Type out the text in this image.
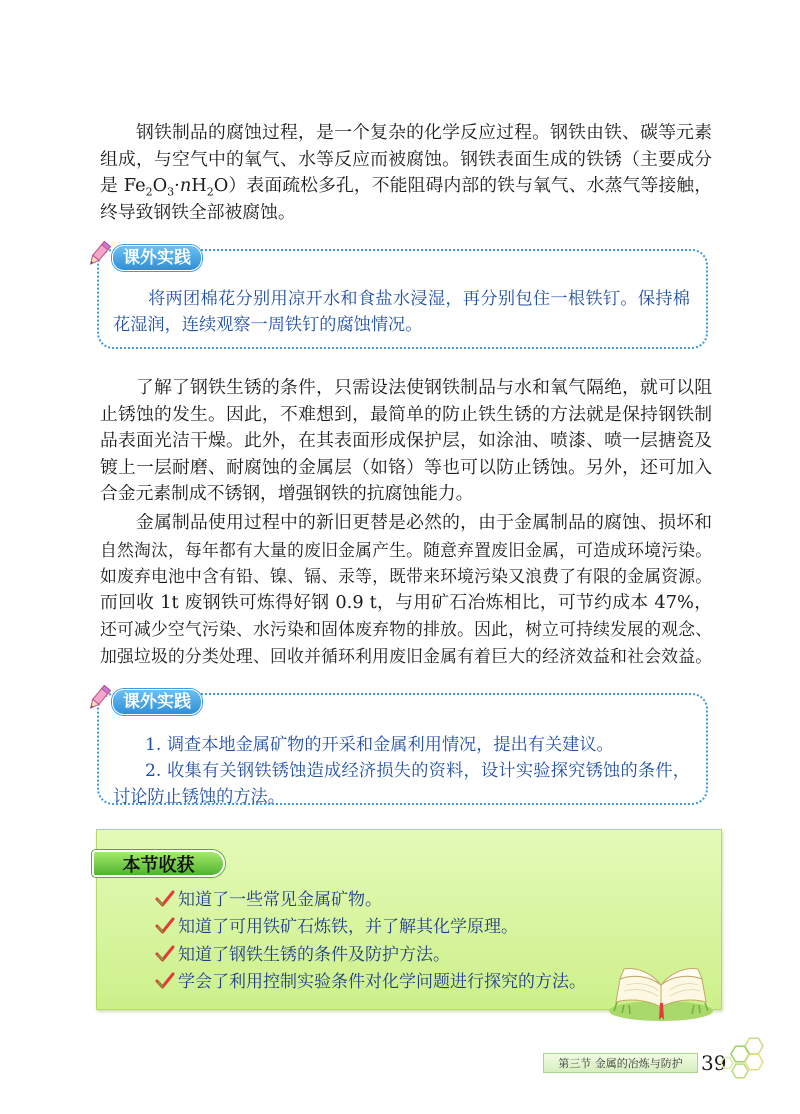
钢铁制品的腐蚀过程，是一个复杂的化学反应过程。钢铁由铁、碳等元素
组成，与空气中的氧气、水等反应而被腐蚀。钢铁表面生成的铁锈（主要成分
是 $Fe_2O_3\cdot nH_2O$）表面疏松多孔，不能阻碍内部的铁与氧气、水蒸气等接触，
终导致钢铁全部被腐蚀。
课外实践
将两团棉花分别用凉开水和食盐水浸湿，再分别包住一根铁钉。保持棉
花湿润，连续观察一周铁钉的腐蚀情况。
了解了钢铁生锈的条件，只需设法使钢铁制品与水和氧气隔绝，就可以阻
止锈蚀的发生。因此，不难想到，最简单的防止铁生锈的方法就是保持钢铁制
品表面光洁干燥。此外，在其表面形成保护层，如涂油、喷漆、喷一层搪瓷及
镀上一层耐磨、耐腐蚀的金属层（如铬）等也可以防止锈蚀。另外，还可加入
合金元素制成不锈钢，增强钢铁的抗腐蚀能力。
金属制品使用过程中的新旧更替是必然的，由于金属制品的腐蚀、损坏和
自然淘汰，每年都有大量的废旧金属产生。随意弃置废旧金属，可造成环境污染。
如废弃电池中含有铅、镍、镉、汞等，既带来环境污染又浪费了有限的金属资源。
而回收 1t 废钢铁可炼得好钢 0.9 t，与用矿石冶炼相比，可节约成本 47%，
还可减少空气污染、水污染和固体废弃物的排放。因此，树立可持续发展的观念、
加强垃圾的分类处理、回收并循环利用废旧金属有着巨大的经济效益和社会效益。
课外实践
1. 调查本地金属矿物的开采和金属利用情况，提出有关建议。
2. 收集有关钢铁锈蚀造成经济损失的资料，设计实验探究锈蚀的条件，
讨论防止锈蚀的方法。
本节收获
知道了一些常见金属矿物。
知道了可用铁矿石炼铁，并了解其化学原理。
知道了钢铁生锈的条件及防护方法。
学会了利用控制实验条件对化学问题进行探究的方法。
第三节 金属的冶炼与防护 39
